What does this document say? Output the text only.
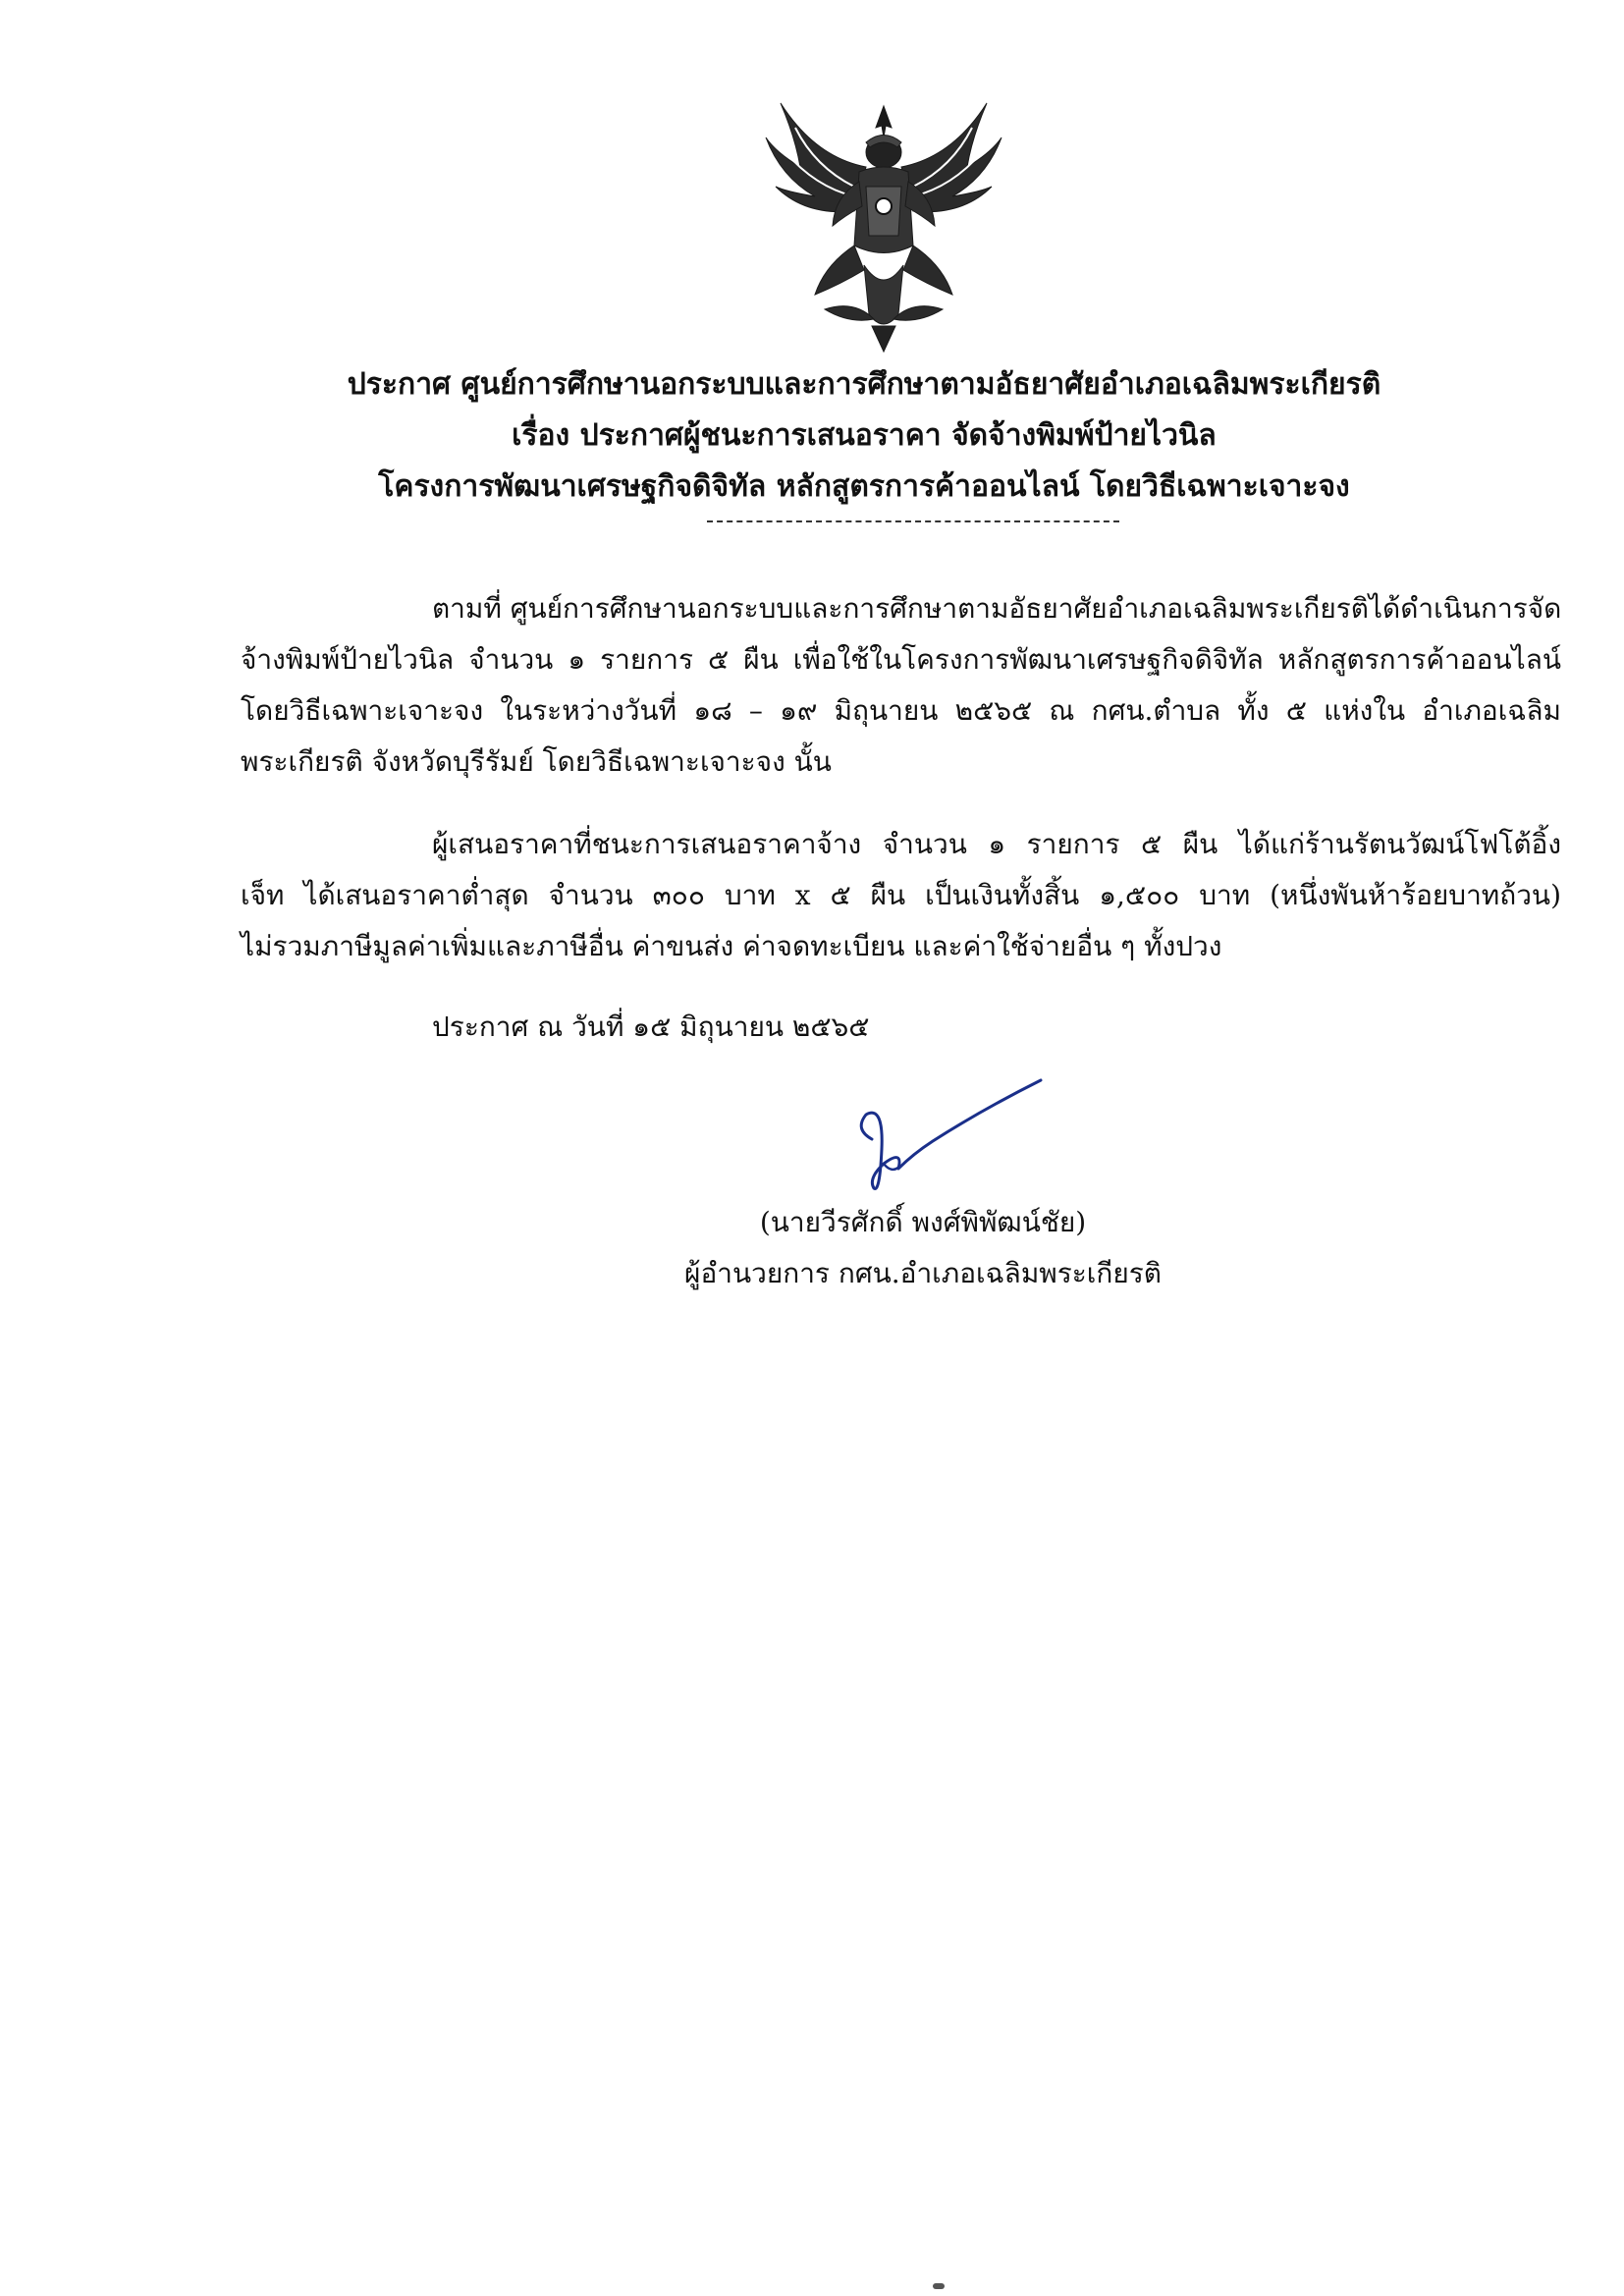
ประกาศ ศูนย์การศึกษานอกระบบและการศึกษาตามอัธยาศัยอำเภอเฉลิมพระเกียรติ
เรื่อง ประกาศผู้ชนะการเสนอราคา จัดจ้างพิมพ์ป้ายไวนิล
โครงการพัฒนาเศรษฐกิจดิจิทัล หลักสูตรการค้าออนไลน์ โดยวิธีเฉพาะเจาะจง
ตามที่ ศูนย์การศึกษานอกระบบและการศึกษาตามอัธยาศัยอำเภอเฉลิมพระเกียรติได้ดำเนินการจัด
จ้างพิมพ์ป้ายไวนิล จำนวน ๑ รายการ ๕ ผืน เพื่อใช้ในโครงการพัฒนาเศรษฐกิจดิจิทัล หลักสูตรการค้าออนไลน์
โดยวิธีเฉพาะเจาะจง ในระหว่างวันที่ ๑๘ – ๑๙ มิถุนายน ๒๕๖๕ ณ กศน.ตำบล ทั้ง ๕ แห่งใน อำเภอเฉลิม
พระเกียรติ จังหวัดบุรีรัมย์ โดยวิธีเฉพาะเจาะจง นั้น
ผู้เสนอราคาที่ชนะการเสนอราคาจ้าง จำนวน ๑ รายการ ๕ ผืน ได้แก่ร้านรัตนวัฒน์โฟโต้อิ้ง
เจ็ท ได้เสนอราคาต่ำสุด จำนวน ๓๐๐ บาท x ๕ ผืน เป็นเงินทั้งสิ้น ๑,๕๐๐ บาท (หนึ่งพันห้าร้อยบาทถ้วน)
ไม่รวมภาษีมูลค่าเพิ่มและภาษีอื่น ค่าขนส่ง ค่าจดทะเบียน และค่าใช้จ่ายอื่น ๆ ทั้งปวง
ประกาศ ณ วันที่ ๑๕ มิถุนายน ๒๕๖๕
(นายวีรศักดิ์ พงศ์พิพัฒน์ชัย)
ผู้อำนวยการ กศน.อำเภอเฉลิมพระเกียรติ
